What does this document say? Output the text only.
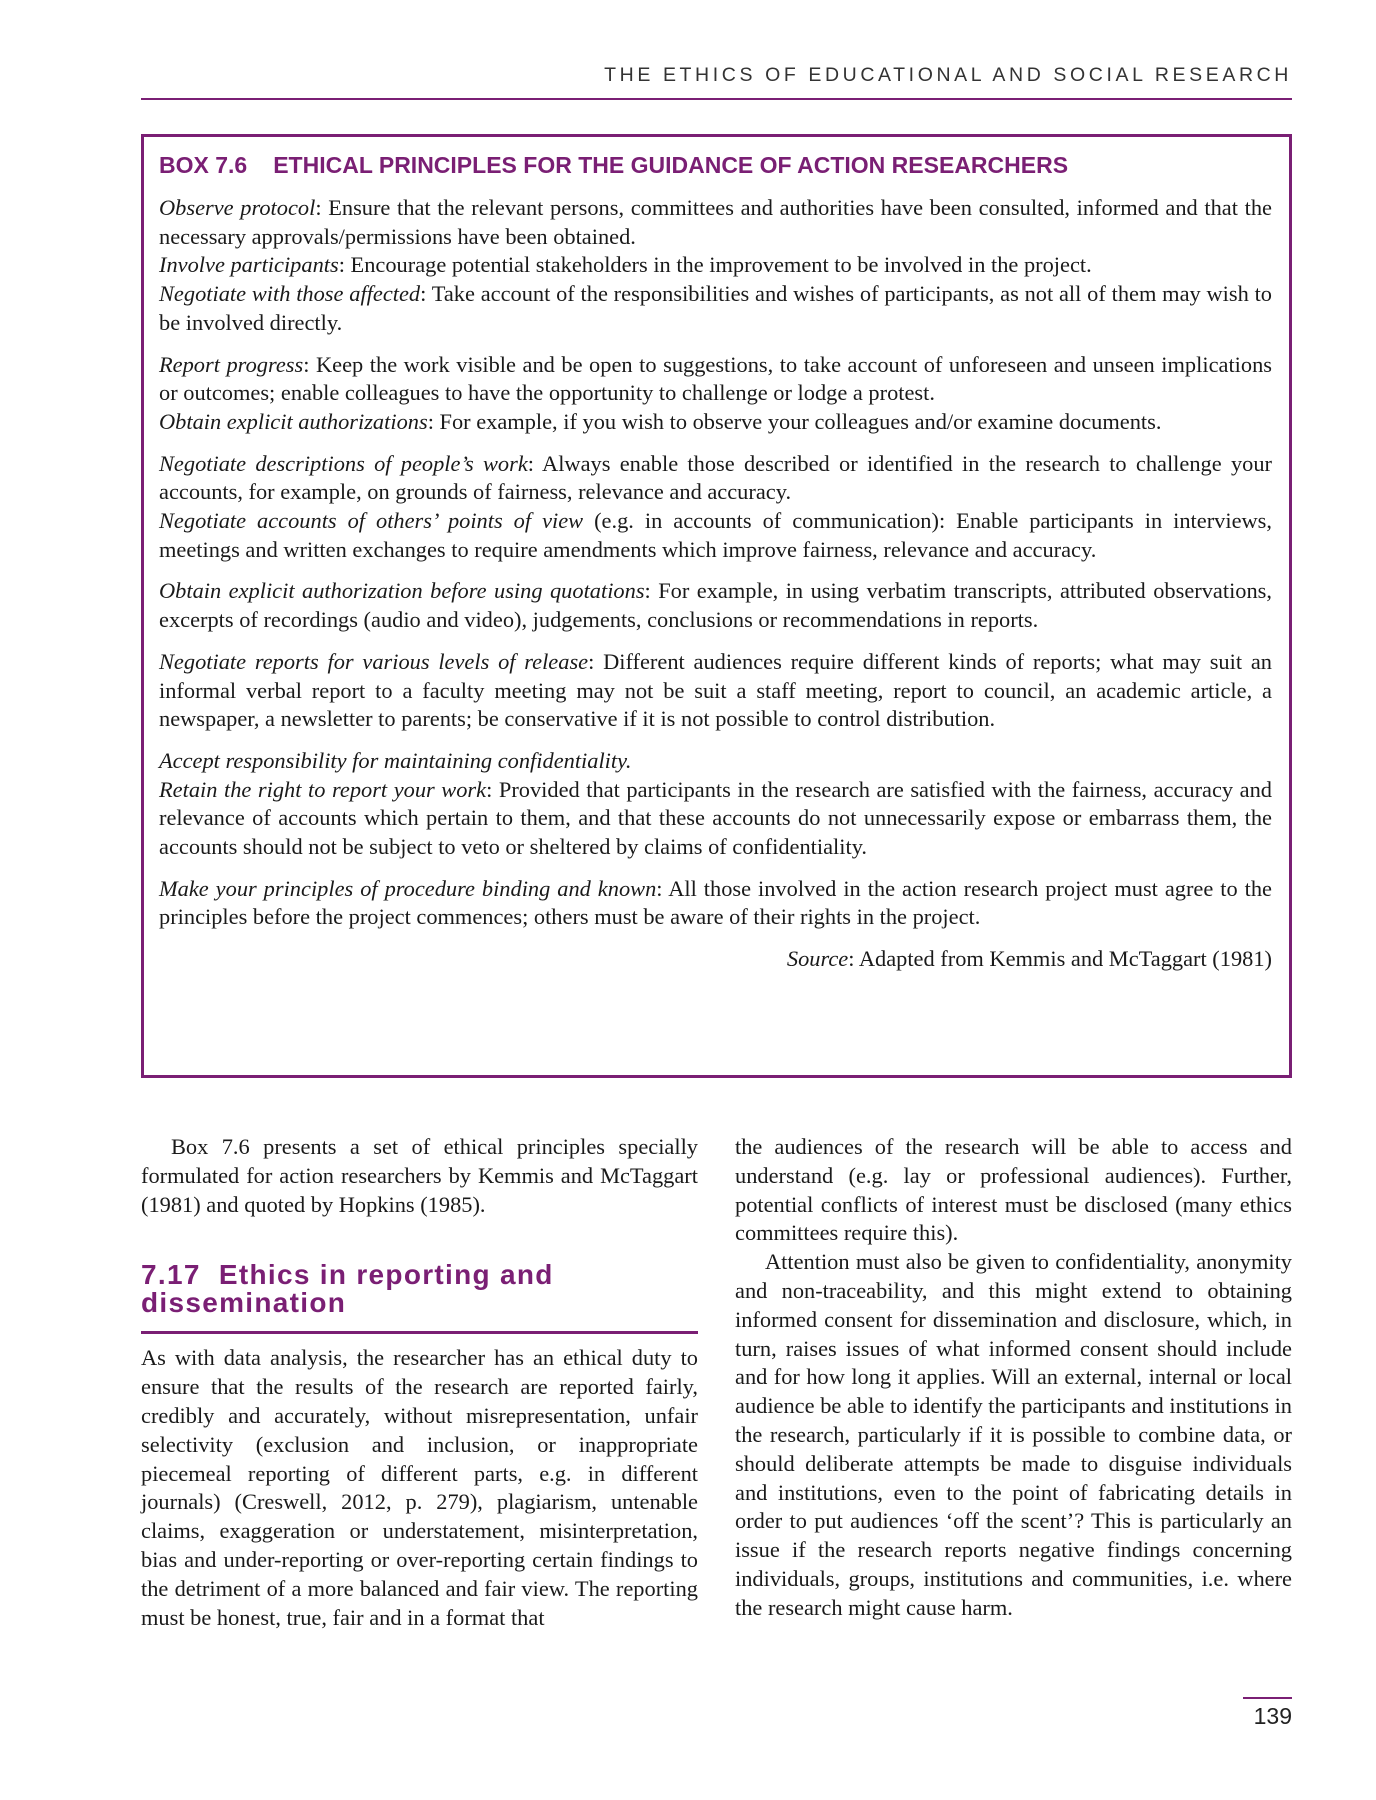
THE ETHICS OF EDUCATIONAL AND SOCIAL RESEARCH
BOX 7.6 ETHICAL PRINCIPLES FOR THE GUIDANCE OF ACTION RESEARCHERS

Observe protocol: Ensure that the relevant persons, committees and authorities have been consulted, informed and that the necessary approvals/permissions have been obtained.

Involve participants: Encourage potential stakeholders in the improvement to be involved in the project.

Negotiate with those affected: Take account of the responsibilities and wishes of participants, as not all of them may wish to be involved directly.

Report progress: Keep the work visible and be open to suggestions, to take account of unforeseen and unseen implications or outcomes; enable colleagues to have the opportunity to challenge or lodge a protest.

Obtain explicit authorizations: For example, if you wish to observe your colleagues and/or examine documents.

Negotiate descriptions of people’s work: Always enable those described or identified in the research to challenge your accounts, for example, on grounds of fairness, relevance and accuracy.

Negotiate accounts of others’ points of view (e.g. in accounts of communication): Enable participants in interviews, meetings and written exchanges to require amendments which improve fairness, relevance and accuracy.

Obtain explicit authorization before using quotations: For example, in using verbatim transcripts, attributed observations, excerpts of recordings (audio and video), judgements, conclusions or recommendations in reports.

Negotiate reports for various levels of release: Different audiences require different kinds of reports; what may suit an informal verbal report to a faculty meeting may not be suit a staff meeting, report to council, an academic article, a newspaper, a newsletter to parents; be conservative if it is not possible to control distribution.

Accept responsibility for maintaining confidentiality.

Retain the right to report your work: Provided that participants in the research are satisfied with the fairness, accuracy and relevance of accounts which pertain to them, and that these accounts do not unnecessarily expose or embarrass them, the accounts should not be subject to veto or sheltered by claims of confidentiality.

Make your principles of procedure binding and known: All those involved in the action research project must agree to the principles before the project commences; others must be aware of their rights in the project.

Source: Adapted from Kemmis and McTaggart (1981)

Box 7.6 presents a set of ethical principles specially formulated for action researchers by Kemmis and McTaggart (1981) and quoted by Hopkins (1985).

7.17 Ethics in reporting and dissemination

As with data analysis, the researcher has an ethical duty to ensure that the results of the research are reported fairly, credibly and accurately, without misrepresentation, unfair selectivity (exclusion and inclusion, or inappropriate piecemeal reporting of different parts, e.g. in different journals) (Creswell, 2012, p. 279), plagiarism, untenable claims, exaggeration or understatement, misinterpretation, bias and under-reporting or over-reporting certain findings to the detriment of a more balanced and fair view. The reporting must be honest, true, fair and in a format that

the audiences of the research will be able to access and understand (e.g. lay or professional audiences). Further, potential conflicts of interest must be disclosed (many ethics committees require this).

Attention must also be given to confidentiality, anonymity and non-traceability, and this might extend to obtaining informed consent for dissemination and disclosure, which, in turn, raises issues of what informed consent should include and for how long it applies. Will an external, internal or local audience be able to identify the participants and institutions in the research, particularly if it is possible to combine data, or should deliberate attempts be made to disguise individuals and institutions, even to the point of fabricating details in order to put audiences ‘off the scent’? This is particularly an issue if the research reports negative findings concerning individuals, groups, institutions and communities, i.e. where the research might cause harm.

139
